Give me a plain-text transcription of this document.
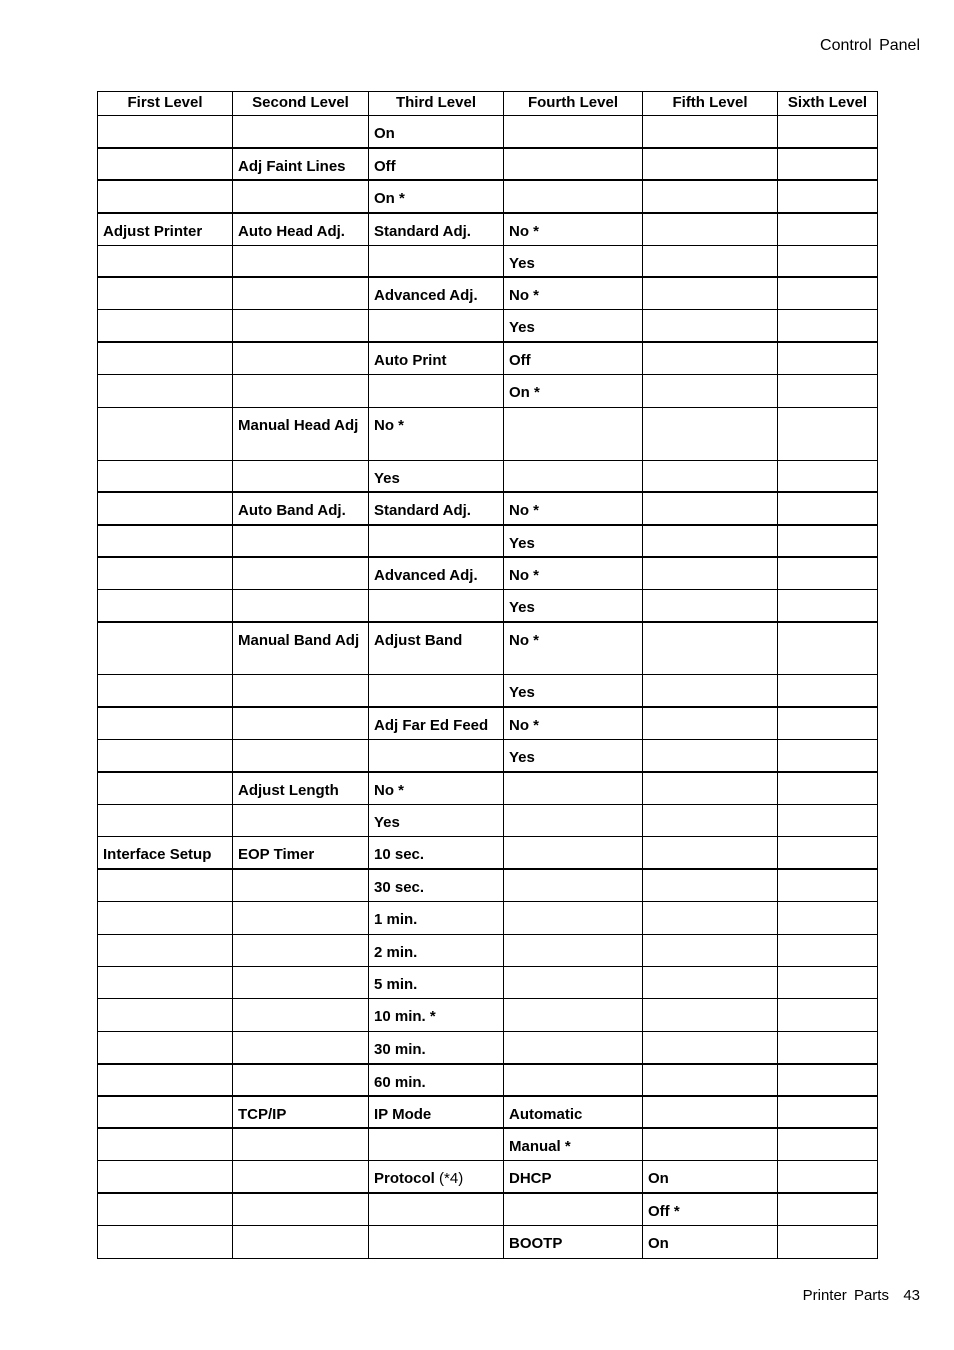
Control Panel
First Level	Second Level	Third Level	Fourth Level	Fifth Level	Sixth Level
		On			
	Adj Faint Lines	Off			
		On *			
Adjust Printer	Auto Head Adj.	Standard Adj.	No *		
			Yes		
		Advanced Adj.	No *		
			Yes		
		Auto Print	Off		
			On *		
	Manual Head Adj	No *			
		Yes			
	Auto Band Adj.	Standard Adj.	No *		
			Yes		
		Advanced Adj.	No *		
			Yes		
	Manual Band Adj	Adjust Band	No *		
			Yes		
		Adj Far Ed Feed	No *		
			Yes		
	Adjust Length	No *			
		Yes			
Interface Setup	EOP Timer	10 sec.			
		30 sec.			
		1 min.			
		2 min.			
		5 min.			
		10 min. *			
		30 min.			
		60 min.			
	TCP/IP	IP Mode	Automatic		
			Manual *		
		Protocol (*4)	DHCP	On	
				Off *	
			BOOTP	On	
Printer Parts 43
